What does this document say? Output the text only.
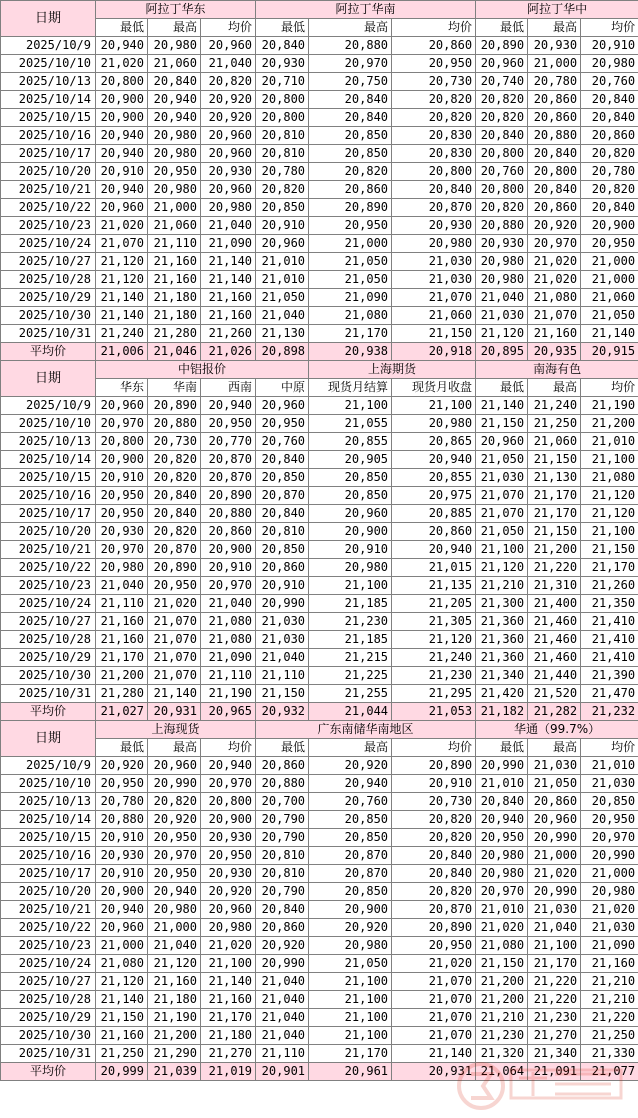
日期	阿拉丁华东			阿拉丁华南			阿拉丁华中		
	最低	最高	均价	最低	最高	均价	最低	最高	均价
2025/10/9	20,940	20,980	20,960	20,840	20,880	20,860	20,890	20,930	20,910
2025/10/10	21,020	21,060	21,040	20,930	20,970	20,950	20,960	21,000	20,980
2025/10/13	20,800	20,840	20,820	20,710	20,750	20,730	20,740	20,780	20,760
2025/10/14	20,900	20,940	20,920	20,800	20,840	20,820	20,820	20,860	20,840
2025/10/15	20,900	20,940	20,920	20,800	20,840	20,820	20,820	20,860	20,840
2025/10/16	20,940	20,980	20,960	20,810	20,850	20,830	20,840	20,880	20,860
2025/10/17	20,940	20,980	20,960	20,810	20,850	20,830	20,800	20,840	20,820
2025/10/20	20,910	20,950	20,930	20,780	20,820	20,800	20,760	20,800	20,780
2025/10/21	20,940	20,980	20,960	20,820	20,860	20,840	20,800	20,840	20,820
2025/10/22	20,960	21,000	20,980	20,850	20,890	20,870	20,820	20,860	20,840
2025/10/23	21,020	21,060	21,040	20,910	20,950	20,930	20,880	20,920	20,900
2025/10/24	21,070	21,110	21,090	20,960	21,000	20,980	20,930	20,970	20,950
2025/10/27	21,120	21,160	21,140	21,010	21,050	21,030	20,980	21,020	21,000
2025/10/28	21,120	21,160	21,140	21,010	21,050	21,030	20,980	21,020	21,000
2025/10/29	21,140	21,180	21,160	21,050	21,090	21,070	21,040	21,080	21,060
2025/10/30	21,140	21,180	21,160	21,040	21,080	21,060	21,030	21,070	21,050
2025/10/31	21,240	21,280	21,260	21,130	21,170	21,150	21,120	21,160	21,140
平均价	21,006	21,046	21,026	20,898	20,938	20,918	20,895	20,935	20,915
日期	中铝报价				上海期货		南海有色		
	华东	华南	西南	中原	现货月结算	现货月收盘	最低	最高	均价
2025/10/9	20,960	20,890	20,940	20,960	21,100	21,100	21,140	21,240	21,190
2025/10/10	20,970	20,880	20,950	20,950	21,055	20,980	21,150	21,250	21,200
2025/10/13	20,800	20,730	20,770	20,760	20,855	20,865	20,960	21,060	21,010
2025/10/14	20,900	20,820	20,870	20,840	20,905	20,940	21,050	21,150	21,100
2025/10/15	20,910	20,820	20,870	20,850	20,850	20,855	21,030	21,130	21,080
2025/10/16	20,950	20,840	20,890	20,870	20,850	20,975	21,070	21,170	21,120
2025/10/17	20,950	20,840	20,880	20,840	20,960	20,885	21,070	21,170	21,120
2025/10/20	20,930	20,820	20,860	20,810	20,900	20,860	21,050	21,150	21,100
2025/10/21	20,970	20,870	20,900	20,850	20,910	20,940	21,100	21,200	21,150
2025/10/22	20,980	20,890	20,910	20,860	20,980	21,015	21,120	21,220	21,170
2025/10/23	21,040	20,950	20,970	20,910	21,100	21,135	21,210	21,310	21,260
2025/10/24	21,110	21,020	21,040	20,990	21,185	21,205	21,300	21,400	21,350
2025/10/27	21,160	21,070	21,080	21,030	21,230	21,305	21,360	21,460	21,410
2025/10/28	21,160	21,070	21,080	21,030	21,185	21,120	21,360	21,460	21,410
2025/10/29	21,170	21,070	21,090	21,040	21,215	21,240	21,360	21,460	21,410
2025/10/30	21,200	21,070	21,110	21,110	21,225	21,230	21,340	21,440	21,390
2025/10/31	21,280	21,140	21,190	21,150	21,255	21,295	21,420	21,520	21,470
平均价	21,027	20,931	20,965	20,932	21,044	21,053	21,182	21,282	21,232
日期	上海现货			广东南储华南地区			华通（99.7%）		
	最低	最高	均价	最低	最高	均价	最低	最高	均价
2025/10/9	20,920	20,960	20,940	20,860	20,920	20,890	20,990	21,030	21,010
2025/10/10	20,950	20,990	20,970	20,880	20,940	20,910	21,010	21,050	21,030
2025/10/13	20,780	20,820	20,800	20,700	20,760	20,730	20,840	20,860	20,850
2025/10/14	20,880	20,920	20,900	20,790	20,850	20,820	20,940	20,960	20,950
2025/10/15	20,910	20,950	20,930	20,790	20,850	20,820	20,950	20,990	20,970
2025/10/16	20,930	20,970	20,950	20,810	20,870	20,840	20,980	21,000	20,990
2025/10/17	20,910	20,950	20,930	20,810	20,870	20,840	20,980	21,020	21,000
2025/10/20	20,900	20,940	20,920	20,790	20,850	20,820	20,970	20,990	20,980
2025/10/21	20,940	20,980	20,960	20,840	20,900	20,870	21,010	21,030	21,020
2025/10/22	20,960	21,000	20,980	20,860	20,920	20,890	21,020	21,040	21,030
2025/10/23	21,000	21,040	21,020	20,920	20,980	20,950	21,080	21,100	21,090
2025/10/24	21,080	21,120	21,100	20,990	21,050	21,020	21,150	21,170	21,160
2025/10/27	21,120	21,160	21,140	21,040	21,100	21,070	21,200	21,220	21,210
2025/10/28	21,140	21,180	21,160	21,040	21,100	21,070	21,200	21,220	21,210
2025/10/29	21,150	21,190	21,170	21,040	21,100	21,070	21,210	21,230	21,220
2025/10/30	21,160	21,200	21,180	21,040	21,100	21,070	21,230	21,270	21,250
2025/10/31	21,250	21,290	21,270	21,110	21,170	21,140	21,320	21,340	21,330
平均价	20,999	21,039	21,019	20,901	20,961	20,931	21,064	21,091	21,077
